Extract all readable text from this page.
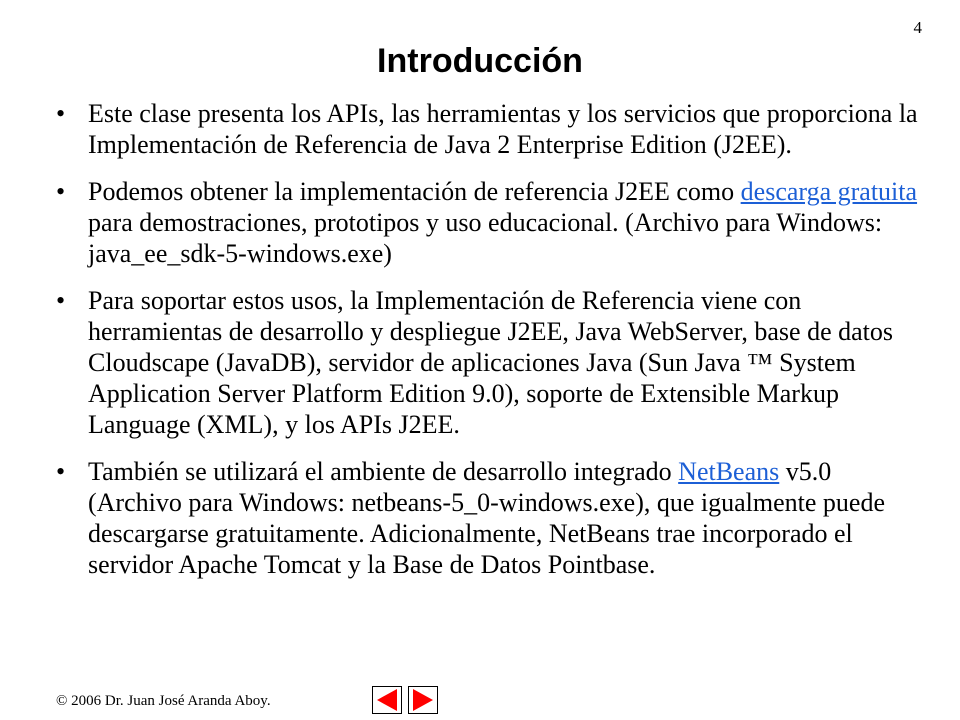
4
Introducción
• Este clase presenta los APIs, las herramientas y los servicios que proporciona la Implementación de Referencia de Java 2 Enterprise Edition (J2EE).
• Podemos obtener la implementación de referencia J2EE como descarga gratuita para demostraciones, prototipos y uso educacional. (Archivo para Windows: java_ee_sdk-5-windows.exe)
• Para soportar estos usos, la Implementación de Referencia viene con herramientas de desarrollo y despliegue J2EE, Java WebServer, base de datos Cloudscape (JavaDB), servidor de aplicaciones Java (Sun Java ™ System Application Server Platform Edition 9.0), soporte de Extensible Markup Language (XML), y los APIs J2EE.
• También se utilizará el ambiente de desarrollo integrado NetBeans v5.0 (Archivo para Windows: netbeans-5_0-windows.exe), que igualmente puede descargarse gratuitamente. Adicionalmente, NetBeans trae incorporado el servidor Apache Tomcat y la Base de Datos Pointbase.
© 2006 Dr. Juan José Aranda Aboy.
